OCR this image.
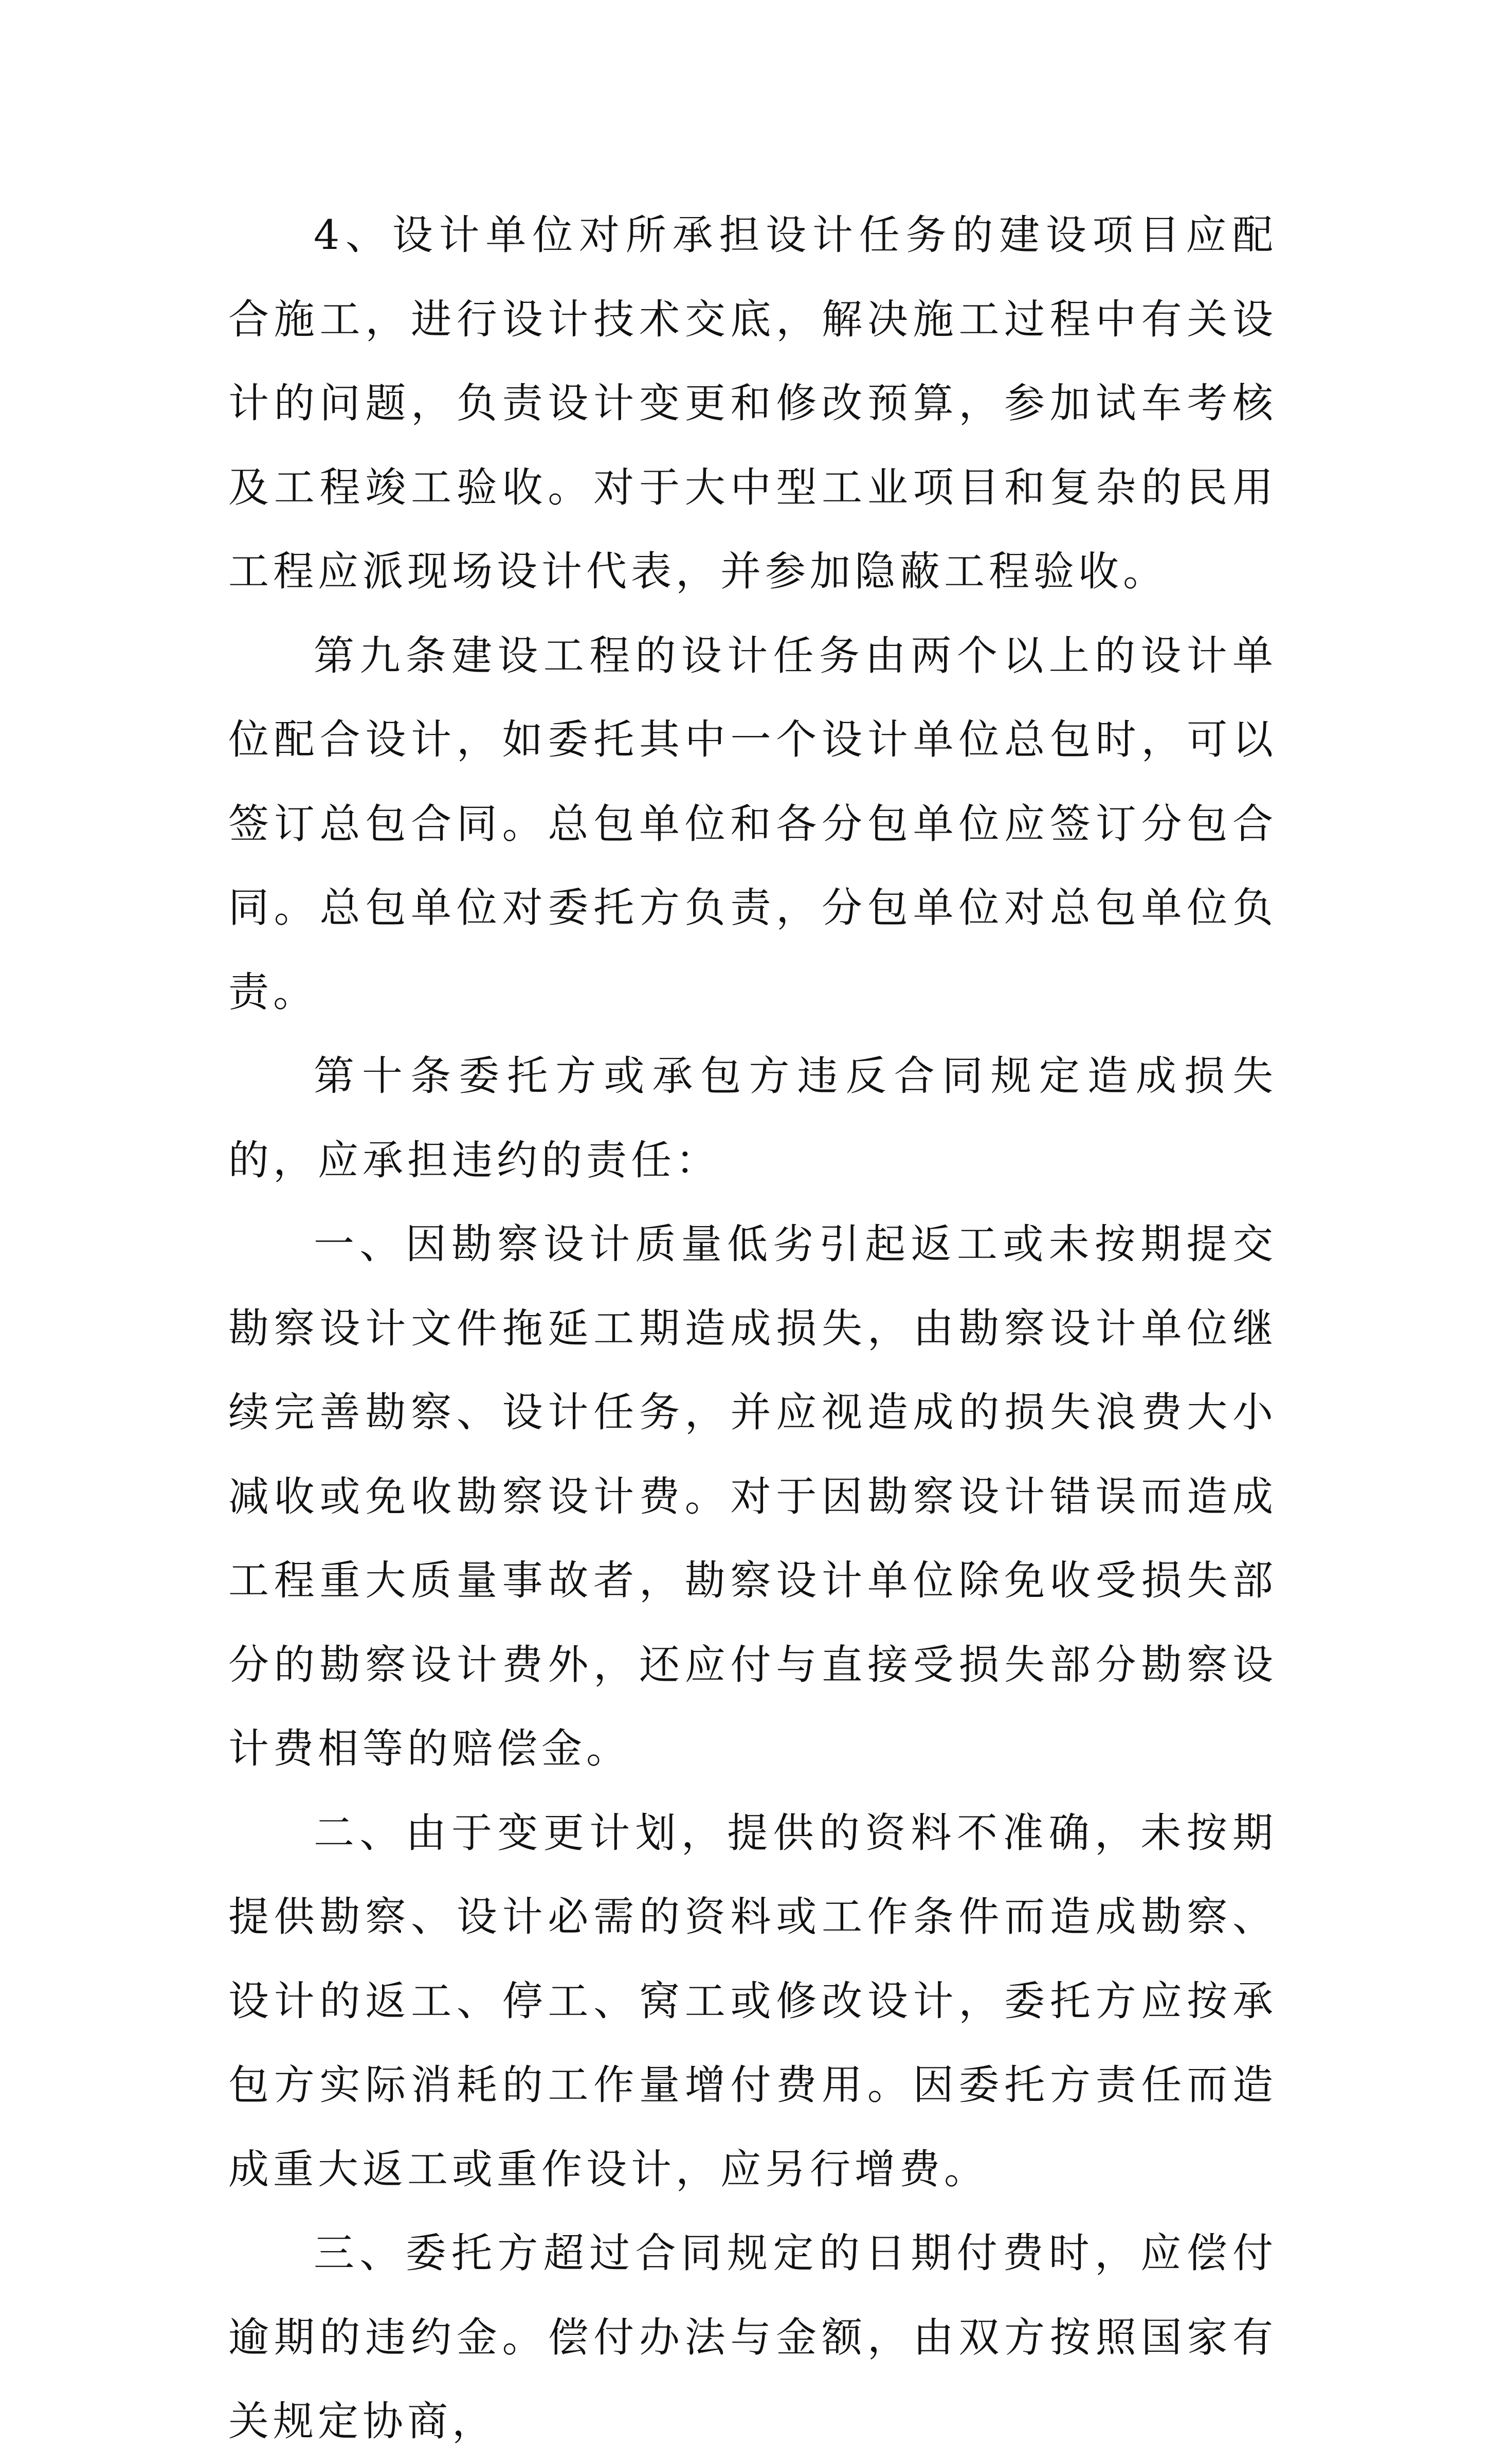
4、设计单位对所承担设计任务的建设项目应配合施工，进行设计技术交底，解决施工过程中有关设计的问题，负责设计变更和修改预算，参加试车考核及工程竣工验收。对于大中型工业项目和复杂的民用工程应派现场设计代表，并参加隐蔽工程验收。

第九条建设工程的设计任务由两个以上的设计单位配合设计，如委托其中一个设计单位总包时，可以签订总包合同。总包单位和各分包单位应签订分包合同。总包单位对委托方负责，分包单位对总包单位负责。

第十条委托方或承包方违反合同规定造成损失的，应承担违约的责任：

一、因勘察设计质量低劣引起返工或未按期提交勘察设计文件拖延工期造成损失，由勘察设计单位继续完善勘察、设计任务，并应视造成的损失浪费大小减收或免收勘察设计费。对于因勘察设计错误而造成工程重大质量事故者，勘察设计单位除免收受损失部分的勘察设计费外，还应付与直接受损失部分勘察设计费相等的赔偿金。

二、由于变更计划，提供的资料不准确，未按期提供勘察、设计必需的资料或工作条件而造成勘察、设计的返工、停工、窝工或修改设计，委托方应按承包方实际消耗的工作量增付费用。因委托方责任而造成重大返工或重作设计，应另行增费。

三、委托方超过合同规定的日期付费时，应偿付逾期的违约金。偿付办法与金额，由双方按照国家有关规定协商，
